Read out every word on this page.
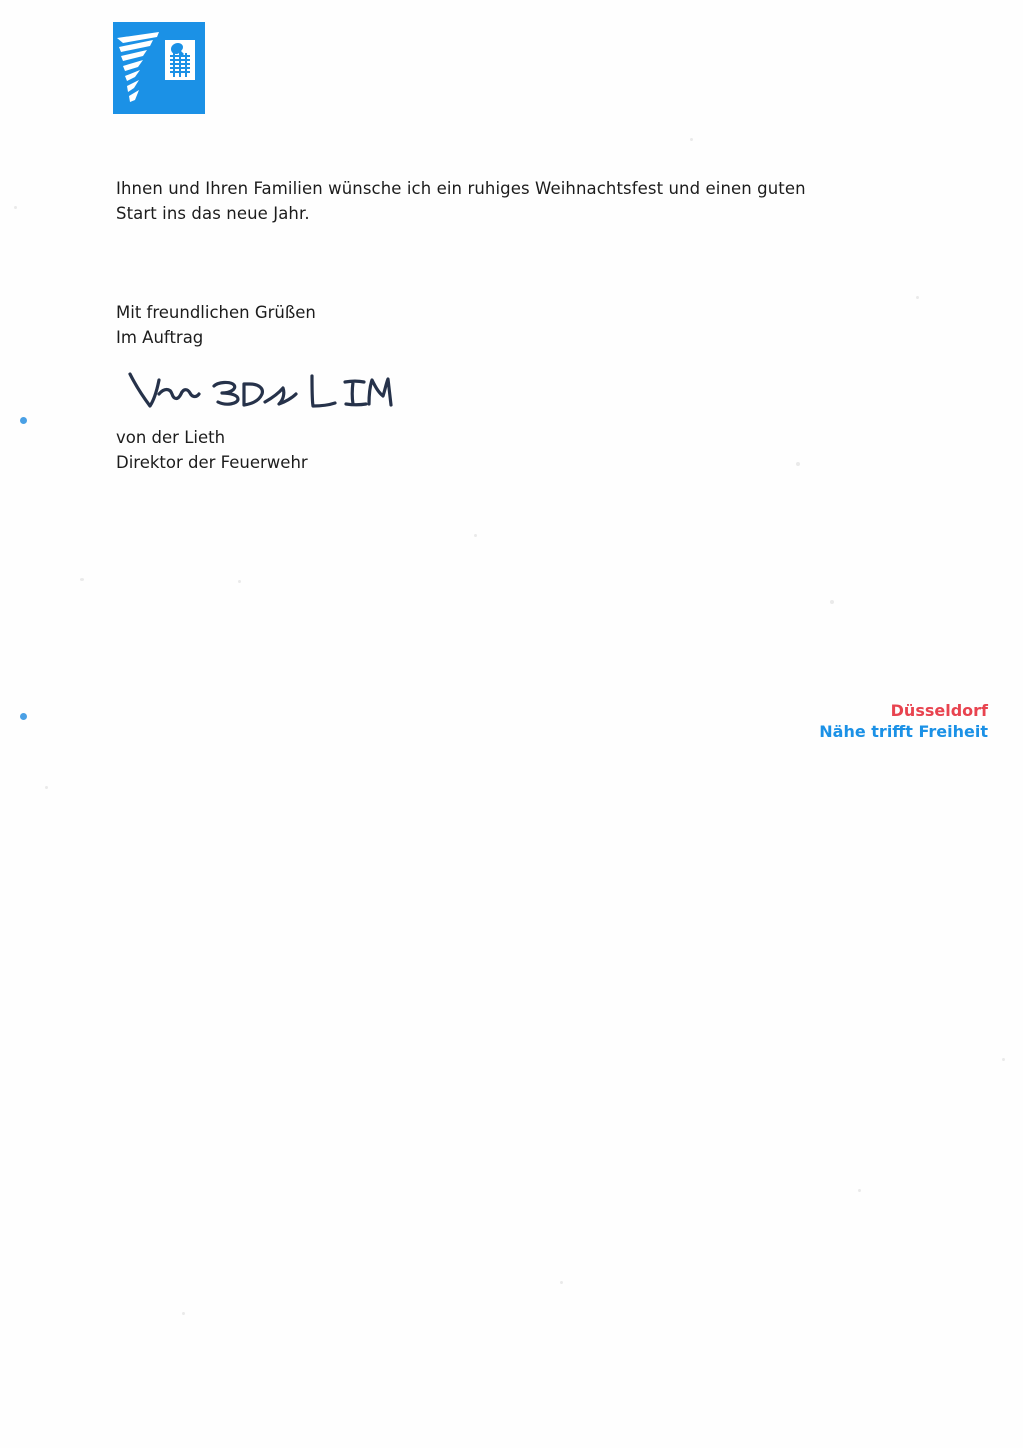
Ihnen und Ihren Familien wünsche ich ein ruhiges Weihnachtsfest und einen guten Start ins das neue Jahr.
Mit freundlichen Grüßen
Im Auftrag
von der Lieth
Direktor der Feuerwehr
Düsseldorf
Nähe trifft Freiheit
